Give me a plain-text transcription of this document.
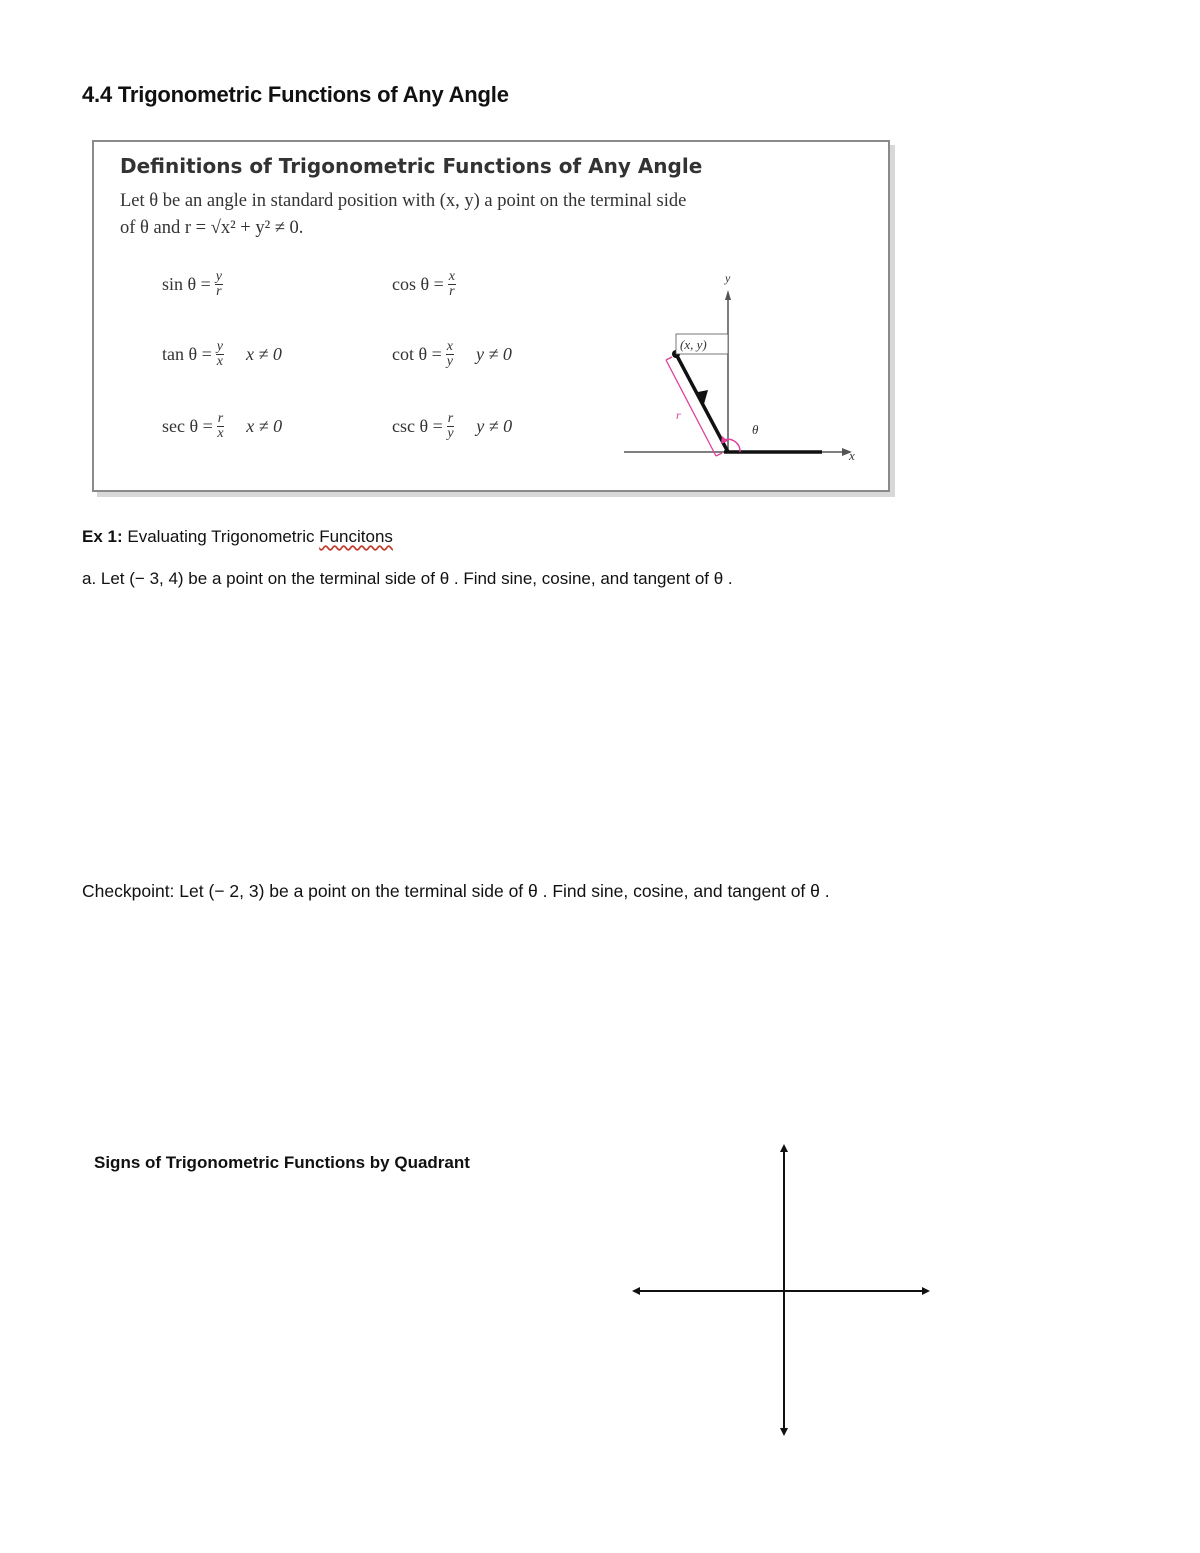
4.4 Trigonometric Functions of Any Angle
Definitions of Trigonometric Functions of Any Angle
Let θ be an angle in standard position with (x, y) a point on the terminal side
of θ and r = √x² + y² ≠ 0.
$\sin \theta = \frac{y}{r}$	$\cos \theta = \frac{x}{r}$
$\tan \theta = \frac{y}{x}$ x ≠ 0	$\cot \theta = \frac{x}{y}$ y ≠ 0
$\sec \theta = \frac{r}{x}$ x ≠ 0	$\csc \theta = \frac{r}{y}$ y ≠ 0
x
y
(x, y)
r
θ
Ex 1: Evaluating Trigonometric Funcitons
a. Let (− 3, 4) be a point on the terminal side of θ . Find sine, cosine, and tangent of θ .
Checkpoint: Let (− 2, 3) be a point on the terminal side of θ . Find sine, cosine, and tangent of θ .
Signs of Trigonometric Functions by Quadrant
